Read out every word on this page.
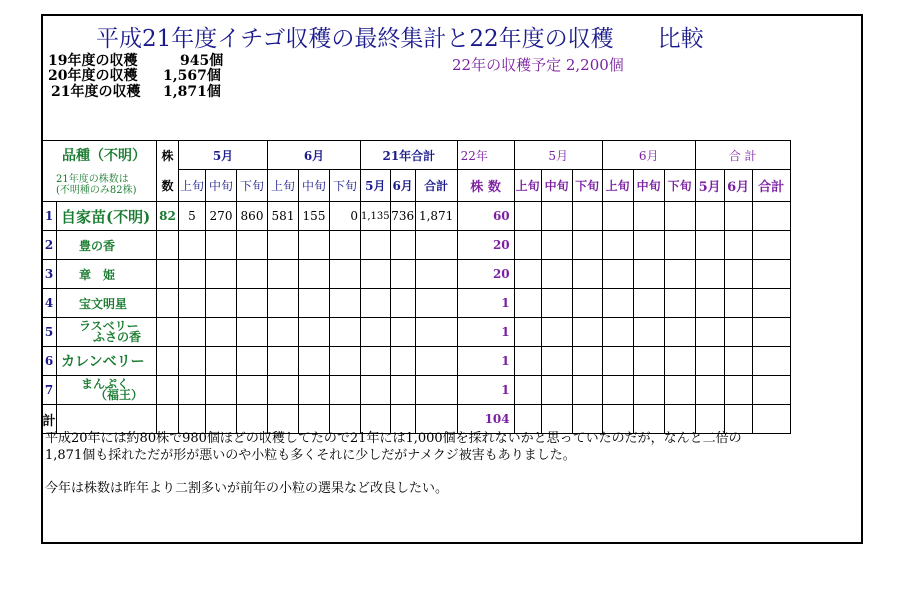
平成21年度イチゴ収穫の最終集計と22年度の収穫 比較
19年度の収穫	945個
20年度の収穫 1,567個
21年度の収穫 1,871個
22年の収穫予定 2,200個
品種（不明）		株	5月			6月			21年合計			22年	5月			6月			合 計			

21年度の株数は
(不明種のみ82株)		数	上旬	中旬	下旬	上旬	中旬	下旬	5月	6月	合計	株 数	上旬	中旬	下旬	上旬	中旬	下旬	5月	6月	合計	
1	自家苗(不明)	82	5	270	860	581	155	0	1,135	736	1,871	60										
2	豊の香											20										
3	章　姫											20										
4	宝文明星											1										
5	ラスベリー
ふさの香											1										
6	カレンベリー											1										
7	まんぷく
（福王）											1										
計												104										

平成20年には約80株で980個ほどの収穫してたので21年には1,000個を採れないかと思っていたのだが，なんと二倍の
1,871個も採れただが形が悪いのや小粒も多くそれに少しだがナメクジ被害もありました。

今年は株数は昨年より二割多いが前年の小粒の選果など改良したい。
